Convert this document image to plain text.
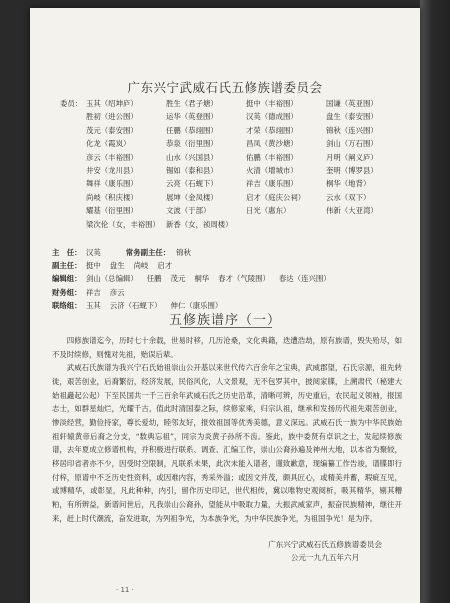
广东兴宁武威石氏五修族谱委员会
委员： 玉其（绍坤庐）	胜生（君子塘）	挺中（丰裕围）	国谦（英亚围）
胜初（进公围）	运华（英登围）	汉英（德成围）	盘生（泰安围）
茂元（泰安围）	任鹏（恭翊围）	才荣（恭翊围）	锦秋（连兴围）
化龙（霞岚）	恭泉（衍里围）	昌凤（黄沙塘）	剑山（万石围）
彦云（丰裕围）	山水（兴国县）	佑鹏（丰裕围）	月明（阐义庐）
井安（龙川县）	锡如（泰和县）	火清（增城市）	奎明（博罗县）
舞祥（康乐围）	云亮（石蚬下）	祥吉（康乐围）	桐华（地背）
尚岐（积庆楼）	展坤（金凤楼）	启才（庭庆公祠）	云水（双下）
耀基（衍里围）	文波（于部）	日光（惠东）	伟新（大亚湾）
梁次伦（女，丰裕围） 新香（女，祯周楼）
主　任： 汉英	常务副主任： 锦秋
副主任： 挺中 盘生 尚岐 启才
编辑组： 剑山（总编辑） 任鹏 茂元 桐华 春才（气陵围） 春达（连兴围）
财务组： 祥吉 彦云
联络组： 玉其 云济（石蚬下） 伸仁（康乐围）
五修族谱序（一）

四修族谱迄今，历时七十余载，世易时移，几历沧桑，文化典籍，迭遭浩劫，原有族谱，毁失殆尽，如不及时续修，则愧对先祖，贻误后辈。

武威石氏族谱为我兴宁石氏始祖崇山公开基以来世代传六百余年之宝典，武威郡望，石氏宗源，祖先转徙，艰苦创业，后裔繁衍，经济发展，民俗风化，人文景观，无不包罗其中，披阅家牒，上溯肃代（秘建大始祖矗起公起）下至民国共一千三百余年武威石氏之历史沿革，清晰可辨，历史重后，农民起义领袖，报国志士，如群星灿烂，光耀千古，值此时清国泰之际，续修家乘，归宗认祖，继承和发扬历代祖先艰苦创业，惨淡经营，勤俭持家，尊长爱幼，睦邻友好，报效祖国等优秀美德，意义深远。武威石氏一族为中华民族始祖轩辕黄帝后裔之分支，“数典忘祖”，同宗为炎黄子孙所不齿。鉴此，族中委贤有卓识之士，发起续修族谱，去年夏成立修谱机构，并积极进行联系、调查、汇编工作，崇山公裔孙遍及神州大地，以本省为聚较，移居印省者亦不少，因受时空限制，凡联系未果，此次未能入谱者，谨致歉意，现编纂工作告竣，谱牒即行付梓，原谱中不乏历史性资料，或因难内容，秀采外溢；或因文并茂，颇具匠心，或精美并蓄，瑕疵互见，或博精华，或彰显，凡此种种，内引，留作历史印记，世代相传，冀以唯物史观阅析，吸其精华，剔其糟粕，有所辨益，新谱问世后，凡我崇山公裔孙，望能从中吸取力量，大振武威家声，振奋民族精神，继往开来，赶上时代潮流，奋发进取，为列祖争光，为本族争光，为中华民族争光，为祖国争光！是为序。

广东兴宁武威石氏五修族谱委员会
公元一九九五年六月
· 11 ·
